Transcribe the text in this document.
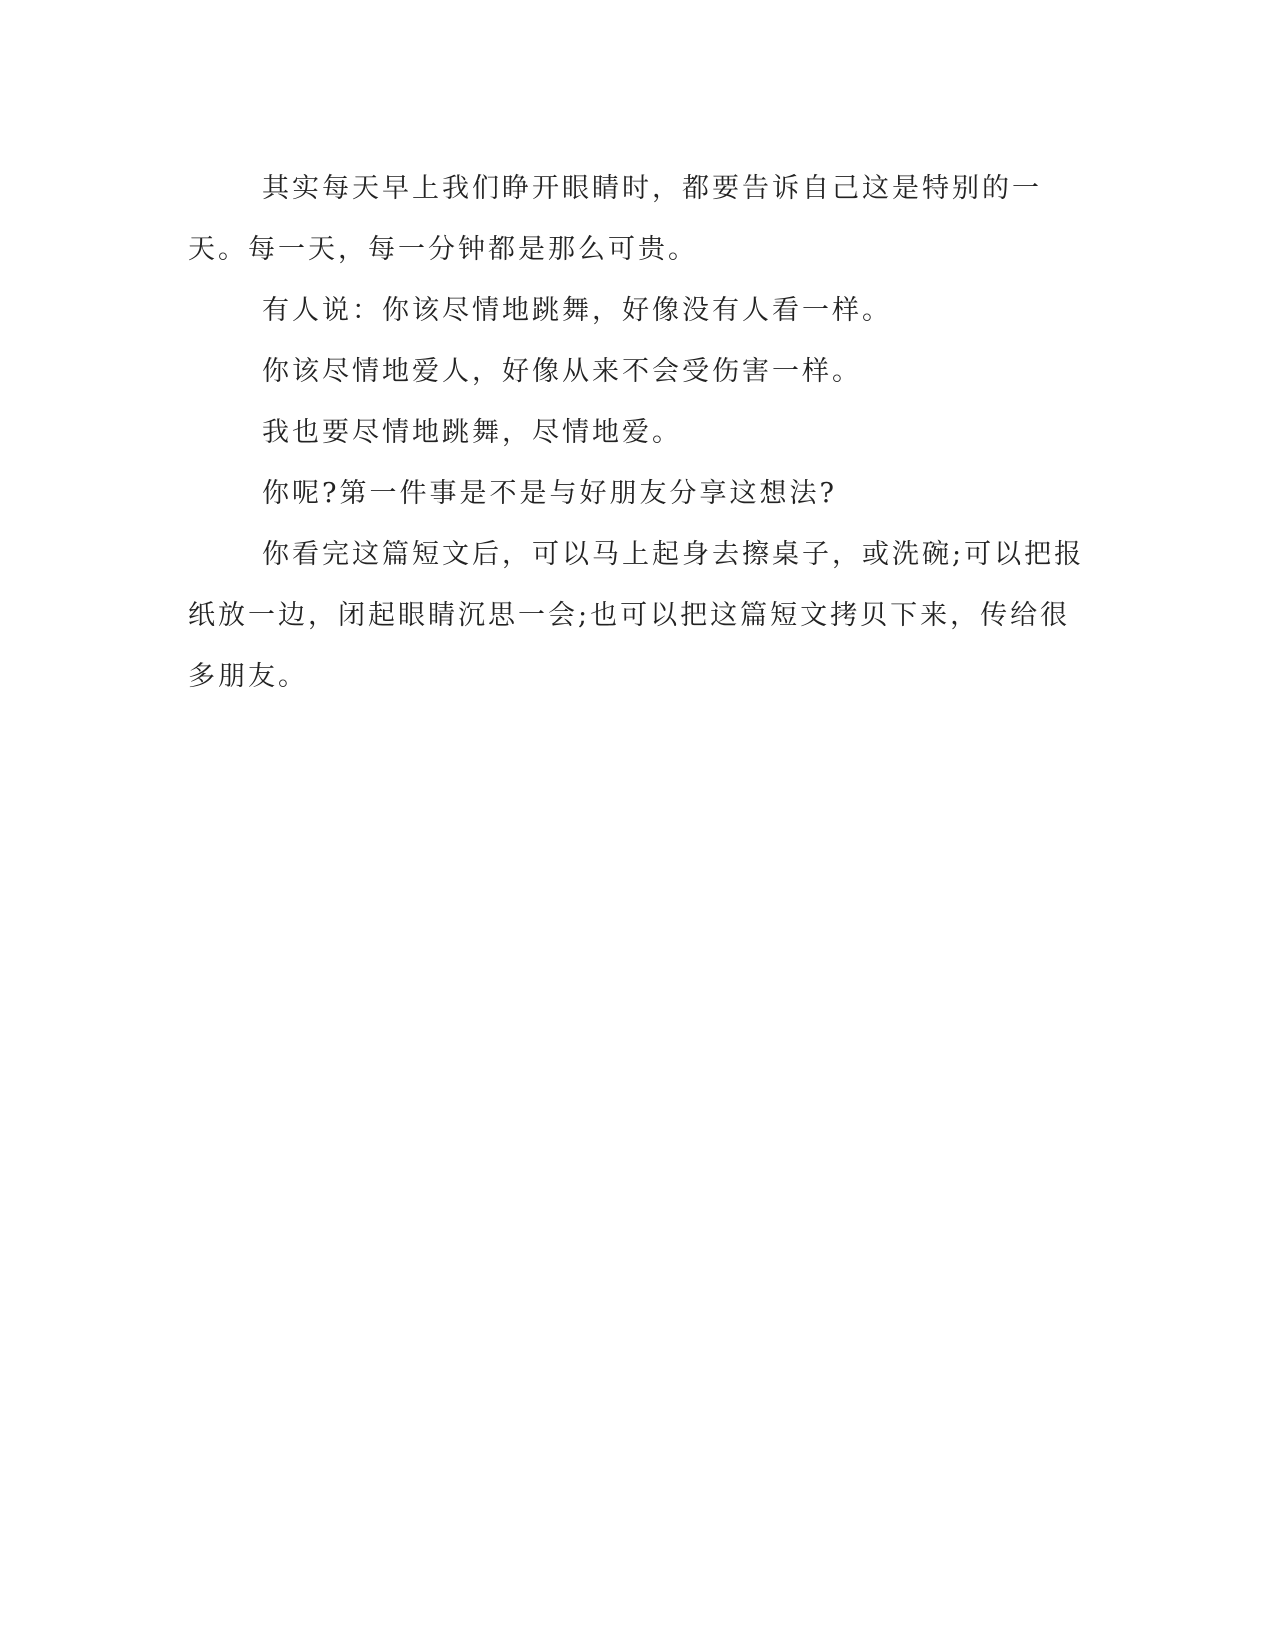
其实每天早上我们睁开眼睛时，都要告诉自己这是特别的一天。每一天，每一分钟都是那么可贵。

有人说：你该尽情地跳舞，好像没有人看一样。

你该尽情地爱人，好像从来不会受伤害一样。

我也要尽情地跳舞，尽情地爱。

你呢?第一件事是不是与好朋友分享这想法?

你看完这篇短文后，可以马上起身去擦桌子，或洗碗;可以把报纸放一边，闭起眼睛沉思一会;也可以把这篇短文拷贝下来，传给很多朋友。
